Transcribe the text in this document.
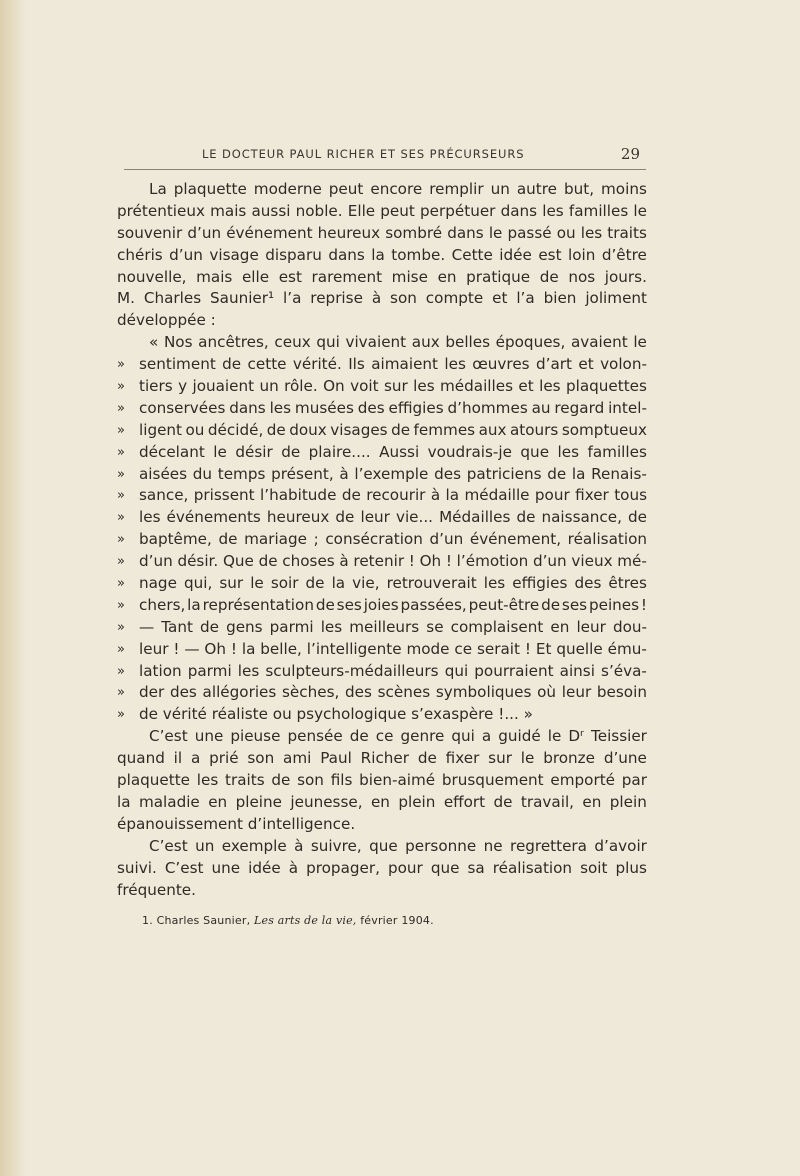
LE DOCTEUR PAUL RICHER ET SES PRÉCURSEURS	29
La plaquette moderne peut encore remplir un autre but, moins
prétentieux mais aussi noble. Elle peut perpétuer dans les familles le
souvenir d’un événement heureux sombré dans le passé ou les traits
chéris d’un visage disparu dans la tombe. Cette idée est loin d’être
nouvelle, mais elle est rarement mise en pratique de nos jours.
M. Charles Saunier¹ l’a reprise à son compte et l’a bien joliment
développée :
« Nos ancêtres, ceux qui vivaient aux belles époques, avaient le
» sentiment de cette vérité. Ils aimaient les œuvres d’art et volon-
» tiers y jouaient un rôle. On voit sur les médailles et les plaquettes
» conservées dans les musées des effigies d’hommes au regard intel-
» ligent ou décidé, de doux visages de femmes aux atours somptueux
» décelant le désir de plaire.... Aussi voudrais-je que les familles
» aisées du temps présent, à l’exemple des patriciens de la Renais-
» sance, prissent l’habitude de recourir à la médaille pour fixer tous
» les événements heureux de leur vie... Médailles de naissance, de
» baptême, de mariage ; consécration d’un événement, réalisation
» d’un désir. Que de choses à retenir ! Oh ! l’émotion d’un vieux mé-
» nage qui, sur le soir de la vie, retrouverait les effigies des êtres
» chers, la représentation de ses joies passées, peut-être de ses peines !
» — Tant de gens parmi les meilleurs se complaisent en leur dou-
» leur ! — Oh ! la belle, l’intelligente mode ce serait ! Et quelle ému-
» lation parmi les sculpteurs-médailleurs qui pourraient ainsi s’éva-
» der des allégories sèches, des scènes symboliques où leur besoin
» de vérité réaliste ou psychologique s’exaspère !... »
C’est une pieuse pensée de ce genre qui a guidé le Dʳ Teissier
quand il a prié son ami Paul Richer de fixer sur le bronze d’une
plaquette les traits de son fils bien-aimé brusquement emporté par
la maladie en pleine jeunesse, en plein effort de travail, en plein
épanouissement d’intelligence.
C’est un exemple à suivre, que personne ne regrettera d’avoir
suivi. C’est une idée à propager, pour que sa réalisation soit plus
fréquente.
1. Charles Saunier, Les arts de la vie, février 1904.
